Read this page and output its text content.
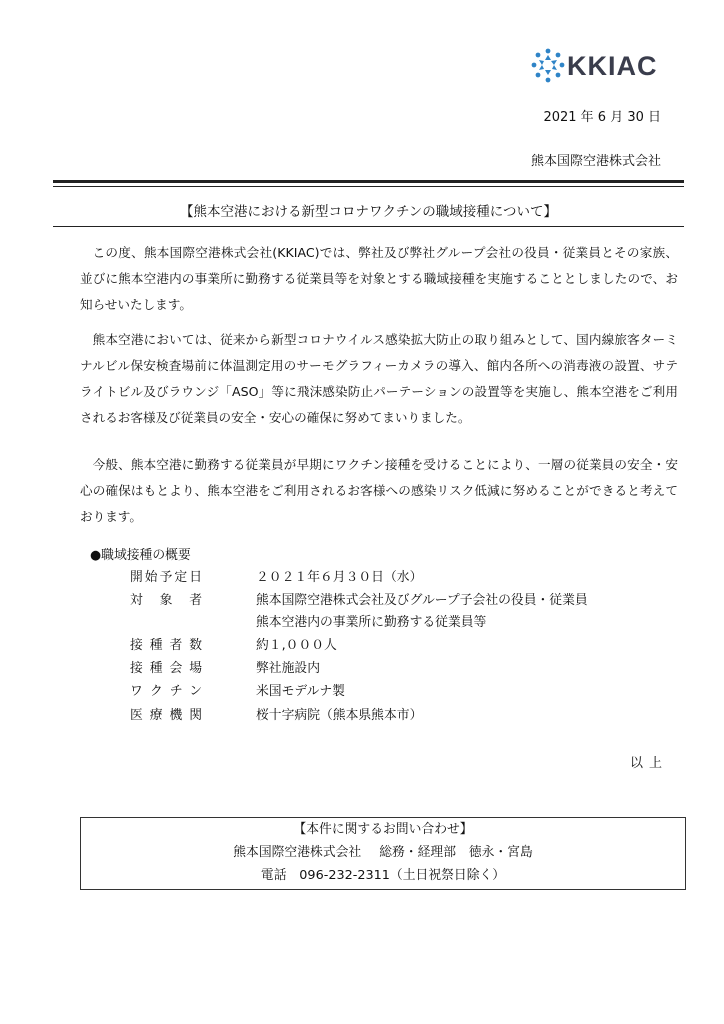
KKIAC
2021 年 6 月 30 日
熊本国際空港株式会社
【熊本空港における新型コロナワクチンの職域接種について】

この度、熊本国際空港株式会社(KKIAC)では、弊社及び弊社グループ会社の役員・従業員とその家族、並びに熊本空港内の事業所に勤務する従業員等を対象とする職域接種を実施することとしましたので、お知らせいたします。

熊本空港においては、従来から新型コロナウイルス感染拡大防止の取り組みとして、国内線旅客ターミナルビル保安検査場前に体温測定用のサーモグラフィーカメラの導入、館内各所への消毒液の設置、サテライトビル及びラウンジ「ASO」等に飛沫感染防止パーテーションの設置等を実施し、熊本空港をご利用されるお客様及び従業員の安全・安心の確保に努めてまいりました。

今般、熊本空港に勤務する従業員が早期にワクチン接種を受けることにより、一層の従業員の安全・安心の確保はもとより、熊本空港をご利用されるお客様への感染リスク低減に努めることができると考えております。

●職域接種の概要
開始予定日	２０２１年６月３０日（水）
対象者	熊本国際空港株式会社及びグループ子会社の役員・従業員
熊本空港内の事業所に勤務する従業員等
接種者数	約１,０００人
接種会場	弊社施設内
ワクチン	米国モデルナ製
医療機関	桜十字病院（熊本県熊本市）
以上
【本件に関するお問い合わせ】
熊本国際空港株式会社 総務・経理部　 徳永・宮島
電話　096-232-2311（土日祝祭日除く）
